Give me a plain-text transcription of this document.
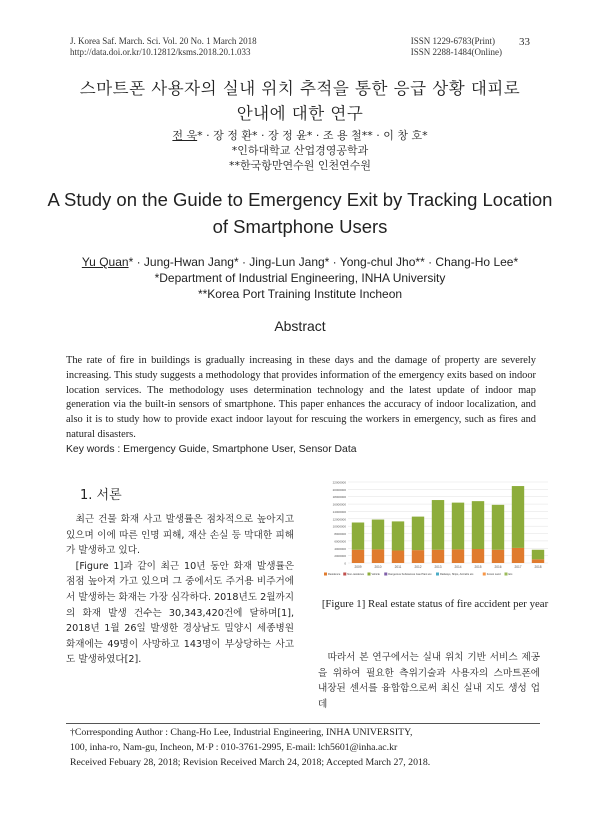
J. Korea Saf. March. Sci. Vol. 20 No. 1 March 2018
http://data.doi.or.kr/10.12812/ksms.2018.20.1.033
ISSN 1229-6783(Print)
ISSN 2288-1484(Online)
33
스마트폰 사용자의 실내 위치 추적을 통한 응급 상황 대피로
안내에 대한 연구
전 욱* · 장 정 환* · 장 정 윤* · 조 용 철** · 이 창 호*
*인하대학교 산업경영공학과
**한국항만연수원 인천연수원
A Study on the Guide to Emergency Exit by Tracking Location
of Smartphone Users
Yu Quan* · Jung-Hwan Jang* · Jing-Lun Jang* · Yong-chul Jho** · Chang-Ho Lee*
*Department of Industrial Engineering, INHA University
**Korea Port Training Institute Incheon
Abstract
The rate of fire in buildings is gradually increasing in these days and the damage of property are severely increasing. This study suggests a methodology that provides information of the emergency exits based on indoor location services. The methodology uses determination technology and the latest update of indoor map generation via the built-in sensors of smartphone. This paper enhances the accuracy of indoor localization, and also it is to study how to provide exact indoor layout for rescuing the workers in emergency, such as fires and natural disasters.
Key words : Emergency Guide, Smartphone User, Sensor Data
1. 서론

최근 건물 화재 사고 발생률은 점차적으로 높아지고 있으며 이에 따른 인명 피해, 재산 손실 등 막대한 피해가 발생하고 있다.

[Figure 1]과 같이 최근 10년 동안 화재 발생률은 점점 높아져 가고 있으며 그 중에서도 주거용 비주거에서 발생하는 화재는 가장 심각하다. 2018년도 2월까지의 화재 발생 건수는 30,343,420건에 달하며[1], 2018년 1월 26일 발생한 경상남도 밀양시 세종병원 화재에는 49명이 사망하고 143명이 부상당하는 사고도 발생하였다[2].

0
2000000
4000000
6000000
8000000
10000000
12000000
14000000
16000000
18000000
20000000
22000000
2009	2010	2011	2012	2013	2014	2015	2016	2017	2018
Residence	Non-residence	Vehicle	Dangerous Substances Gas Plant etc.	Railways, Ships, Aircrafts etc.	Forest Land	Etc.
[Figure 1] Real estate status of fire accident per year
따라서 본 연구에서는 실내 위치 기반 서비스 제공을 위하여 필요한 측위기술과 사용자의 스마트폰에 내장된 센서를 융합함으로써 최신 실내 지도 생성 업데
†Corresponding Author : Chang-Ho Lee, Industrial Engineering, INHA UNIVERSITY,
100, inha-ro, Nam-gu, Incheon, M·P : 010-3761-2995, E-mail: lch5601@inha.ac.kr
Received Febuary 28, 2018; Revision Received March 24, 2018; Accepted March 27, 2018.
